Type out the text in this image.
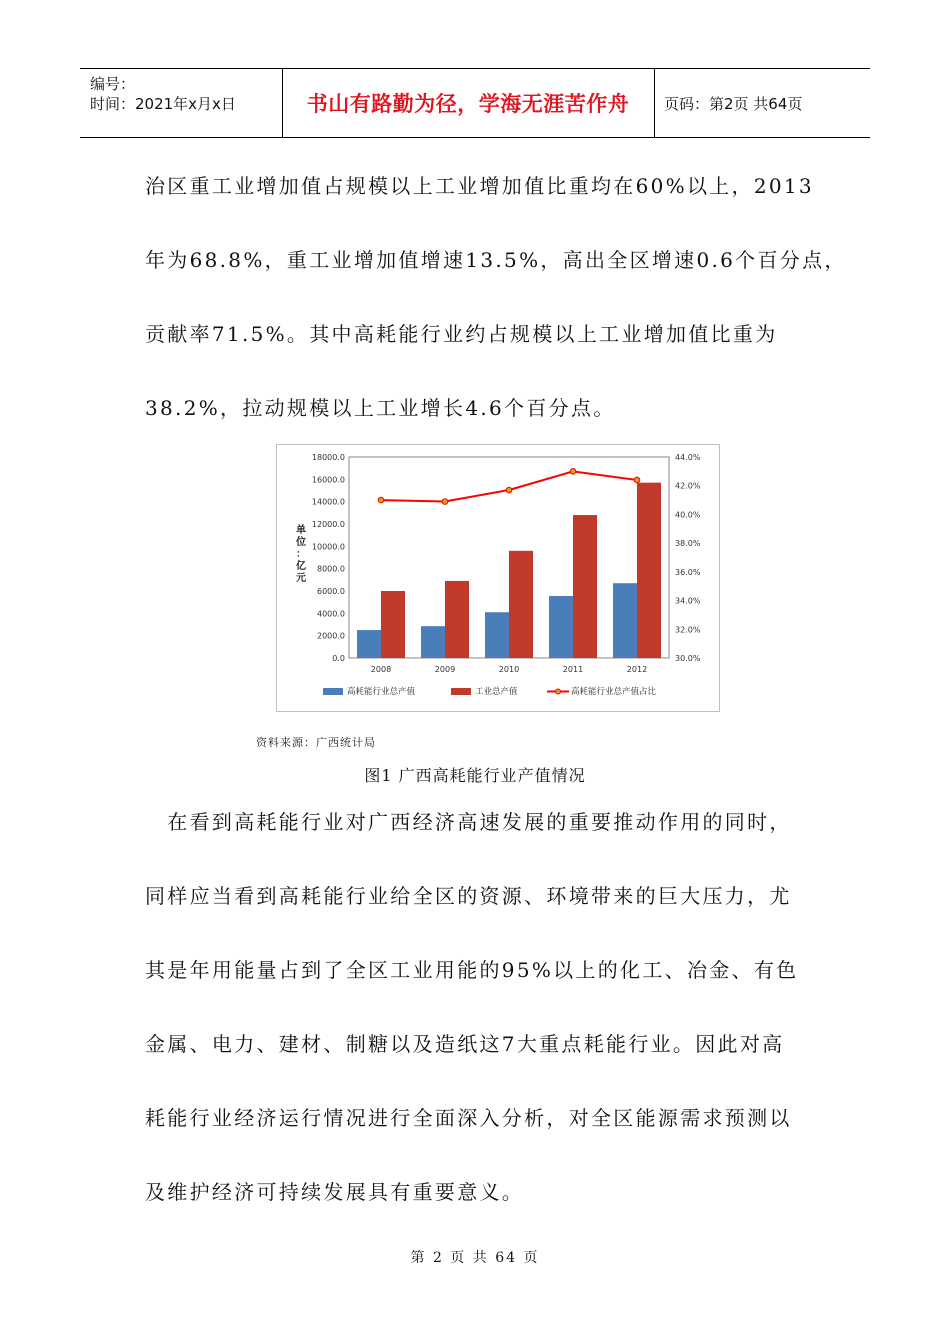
编号：
时间：2021年x月x日	书山有路勤为径，学海无涯苦作舟	页码：第2页 共64页
治区重工业增加值占规模以上工业增加值比重均在60%以上，2013
年为68.8%，重工业增加值增速13.5%，高出全区增速0.6个百分点，
贡献率71.5%。其中高耗能行业约占规模以上工业增加值比重为
38.2%，拉动规模以上工业增长4.6个百分点。
0.0
2000.0
4000.0
6000.0
8000.0
10000.0
12000.0
14000.0
16000.0
18000.0
30.0%
32.0%
34.0%
36.0%
38.0%
40.0%
42.0%
44.0%
单
位
：
亿
元
2008	2009	2010	2011	2012
高耗能行业总产值	工业总产值	高耗能行业总产值占比
资料来源：广西统计局
图1 广西高耗能行业产值情况
　在看到高耗能行业对广西经济高速发展的重要推动作用的同时，
同样应当看到高耗能行业给全区的资源、环境带来的巨大压力，尤
其是年用能量占到了全区工业用能的95%以上的化工、冶金、有色
金属、电力、建材、制糖以及造纸这7大重点耗能行业。因此对高
耗能行业经济运行情况进行全面深入分析，对全区能源需求预测以
及维护经济可持续发展具有重要意义。
第 2 页 共 64 页
